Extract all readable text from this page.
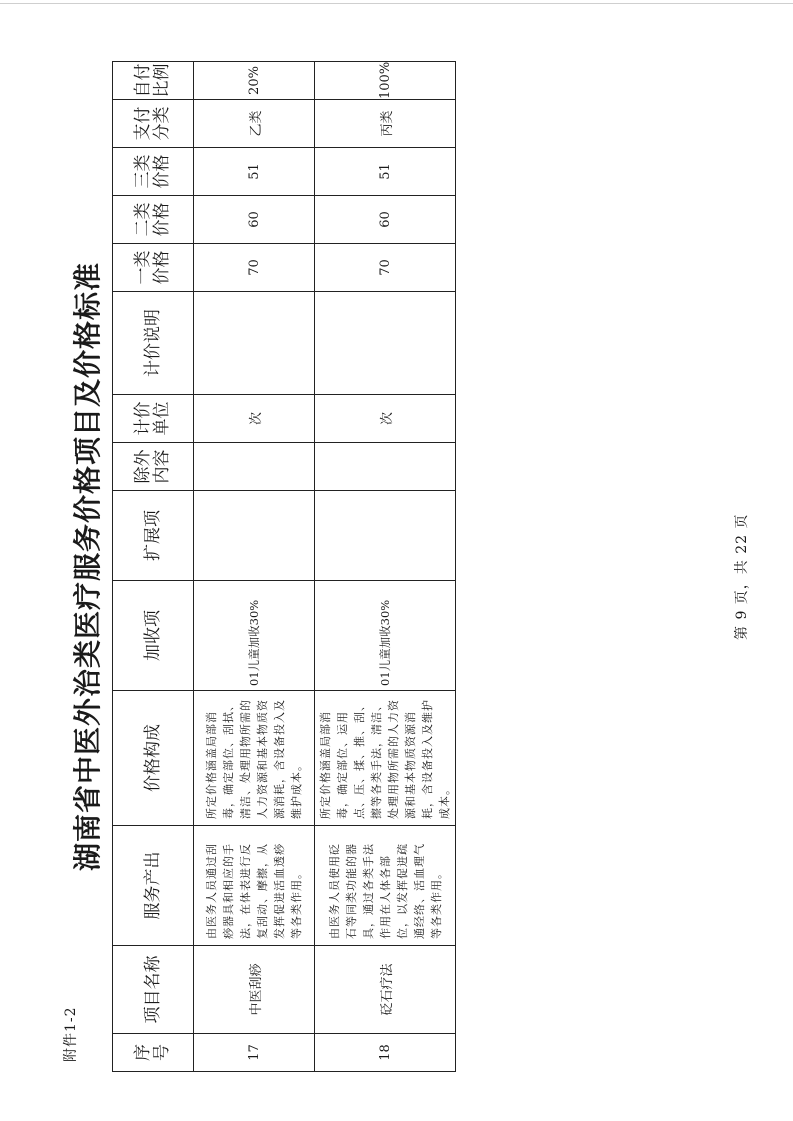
附件1-2
湖南省中医外治类医疗服务价格项目及价格标准
序号	项目名称	服务产出	价格构成	加收项	扩展项	除外内容	计价单位	计价说明	一类价格	二类价格	三类价格	支付分类	自付比例
17	中医刮痧	由医务人员通过刮痧器具和相应的手法，在体表进行反复刮动、摩擦，从发挥促进活血透痧等各类作用。	所定价格涵盖局部消毒，确定部位、刮拭、清洁、处理用物所需的人力资源和基本物质资源消耗，含设备投入及维护成本。	01儿童加收30%			次		70	60	51	乙类	20%
18	砭石疗法	由医务人员使用砭石等同类功能的器具，通过各类手法作用在人体各部位，以发挥促进疏通经络、活血理气等各类作用。	所定价格涵盖局部消毒，确定部位、运用点、压、揉、推、刮、擦等各类手法，清洁、处理用物所需的人力资源和基本物质资源消耗，含设备投入及维护成本。	01儿童加收30%			次		70	60	51	丙类	100%
第 9 页，共 22 页
